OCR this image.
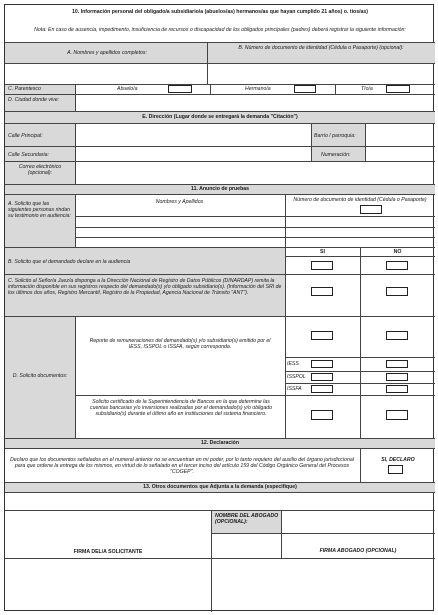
10. Información personal del obligado/a subsidiario/a (abuelos/as) hermanos/as que hayan cumplido 21 años) o. tíos/as)
Nota: En caso de ausencia, impedimento, insuficiencia de recursos o discapacidad de los obligados principales (padres) deberá registrar la siguiente información:
A. Nombres y apellidos completos:
B. Número de documento de identidad (Cédula o Pasaporte) (opcional):
C. Parentesco	Abuelo/a	Hermano/a	Tío/a
D. Ciudad donde vive:
E. Dirección (Lugar donde se entregará la demanda "Citación")
Calle Principal:	Barrio / parroquia:
Calle Secundaria:	Numeración:
Correo electrónico (opcional):
11. Anuncio de pruebas
A. Solicito que las siguientes personas rindan su testimonio en audiencia:
Nombres y Apellidos	Número de documento de identidad (Cédula o Pasaporte)
SI	NO
B. Solicito que el demandado declare en la audiencia
C. Solicito al Señor/a Juez/a disponga a la Dirección Nacional de Registro de Datos Públicos (DINARDAP) remita la información disponible en sus registros respecto del demandado(s) y/o obligado subsidiario(s). (Información del SRI de los últimos dos años, Registro Mercantil, Registro de la Propiedad, Agencia Nacional de Tránsito "ANT").
D. Solicito documentos:
Reporte de remuneraciones del demandado(s) y/o subsidiario(s) emitido por el IESS, ISSPOL o ISSFA, según corresponda.
IESS
ISSPOL
ISSFA
Solicito certificado de la Superintendencia de Bancos en la que determine las cuentas bancarias y/o inversiones realizadas por el demandado(s) y/o obligado subsidiario(s) durante el último año en instituciones del sistema financiero.
12. Declaración
Declaro que los documentos señalados en el numeral anterior no se encuentran en mi poder, por lo tanto requiero del auxilio del órgano jurisdiccional para que ordene la entrega de los mismos, en virtud de lo señalado en el tercer inciso del artículo 159 del Código Orgánico General del Procesos "COGEP".
SI, DECLARO
13. Otros documentos que Adjunta a la demanda (especifique)
FIRMA DEL/A SOLICITANTE
NOMBRE DEL ABOGADO (OPCIONAL):
FIRMA ABOGADO (OPCIONAL)
